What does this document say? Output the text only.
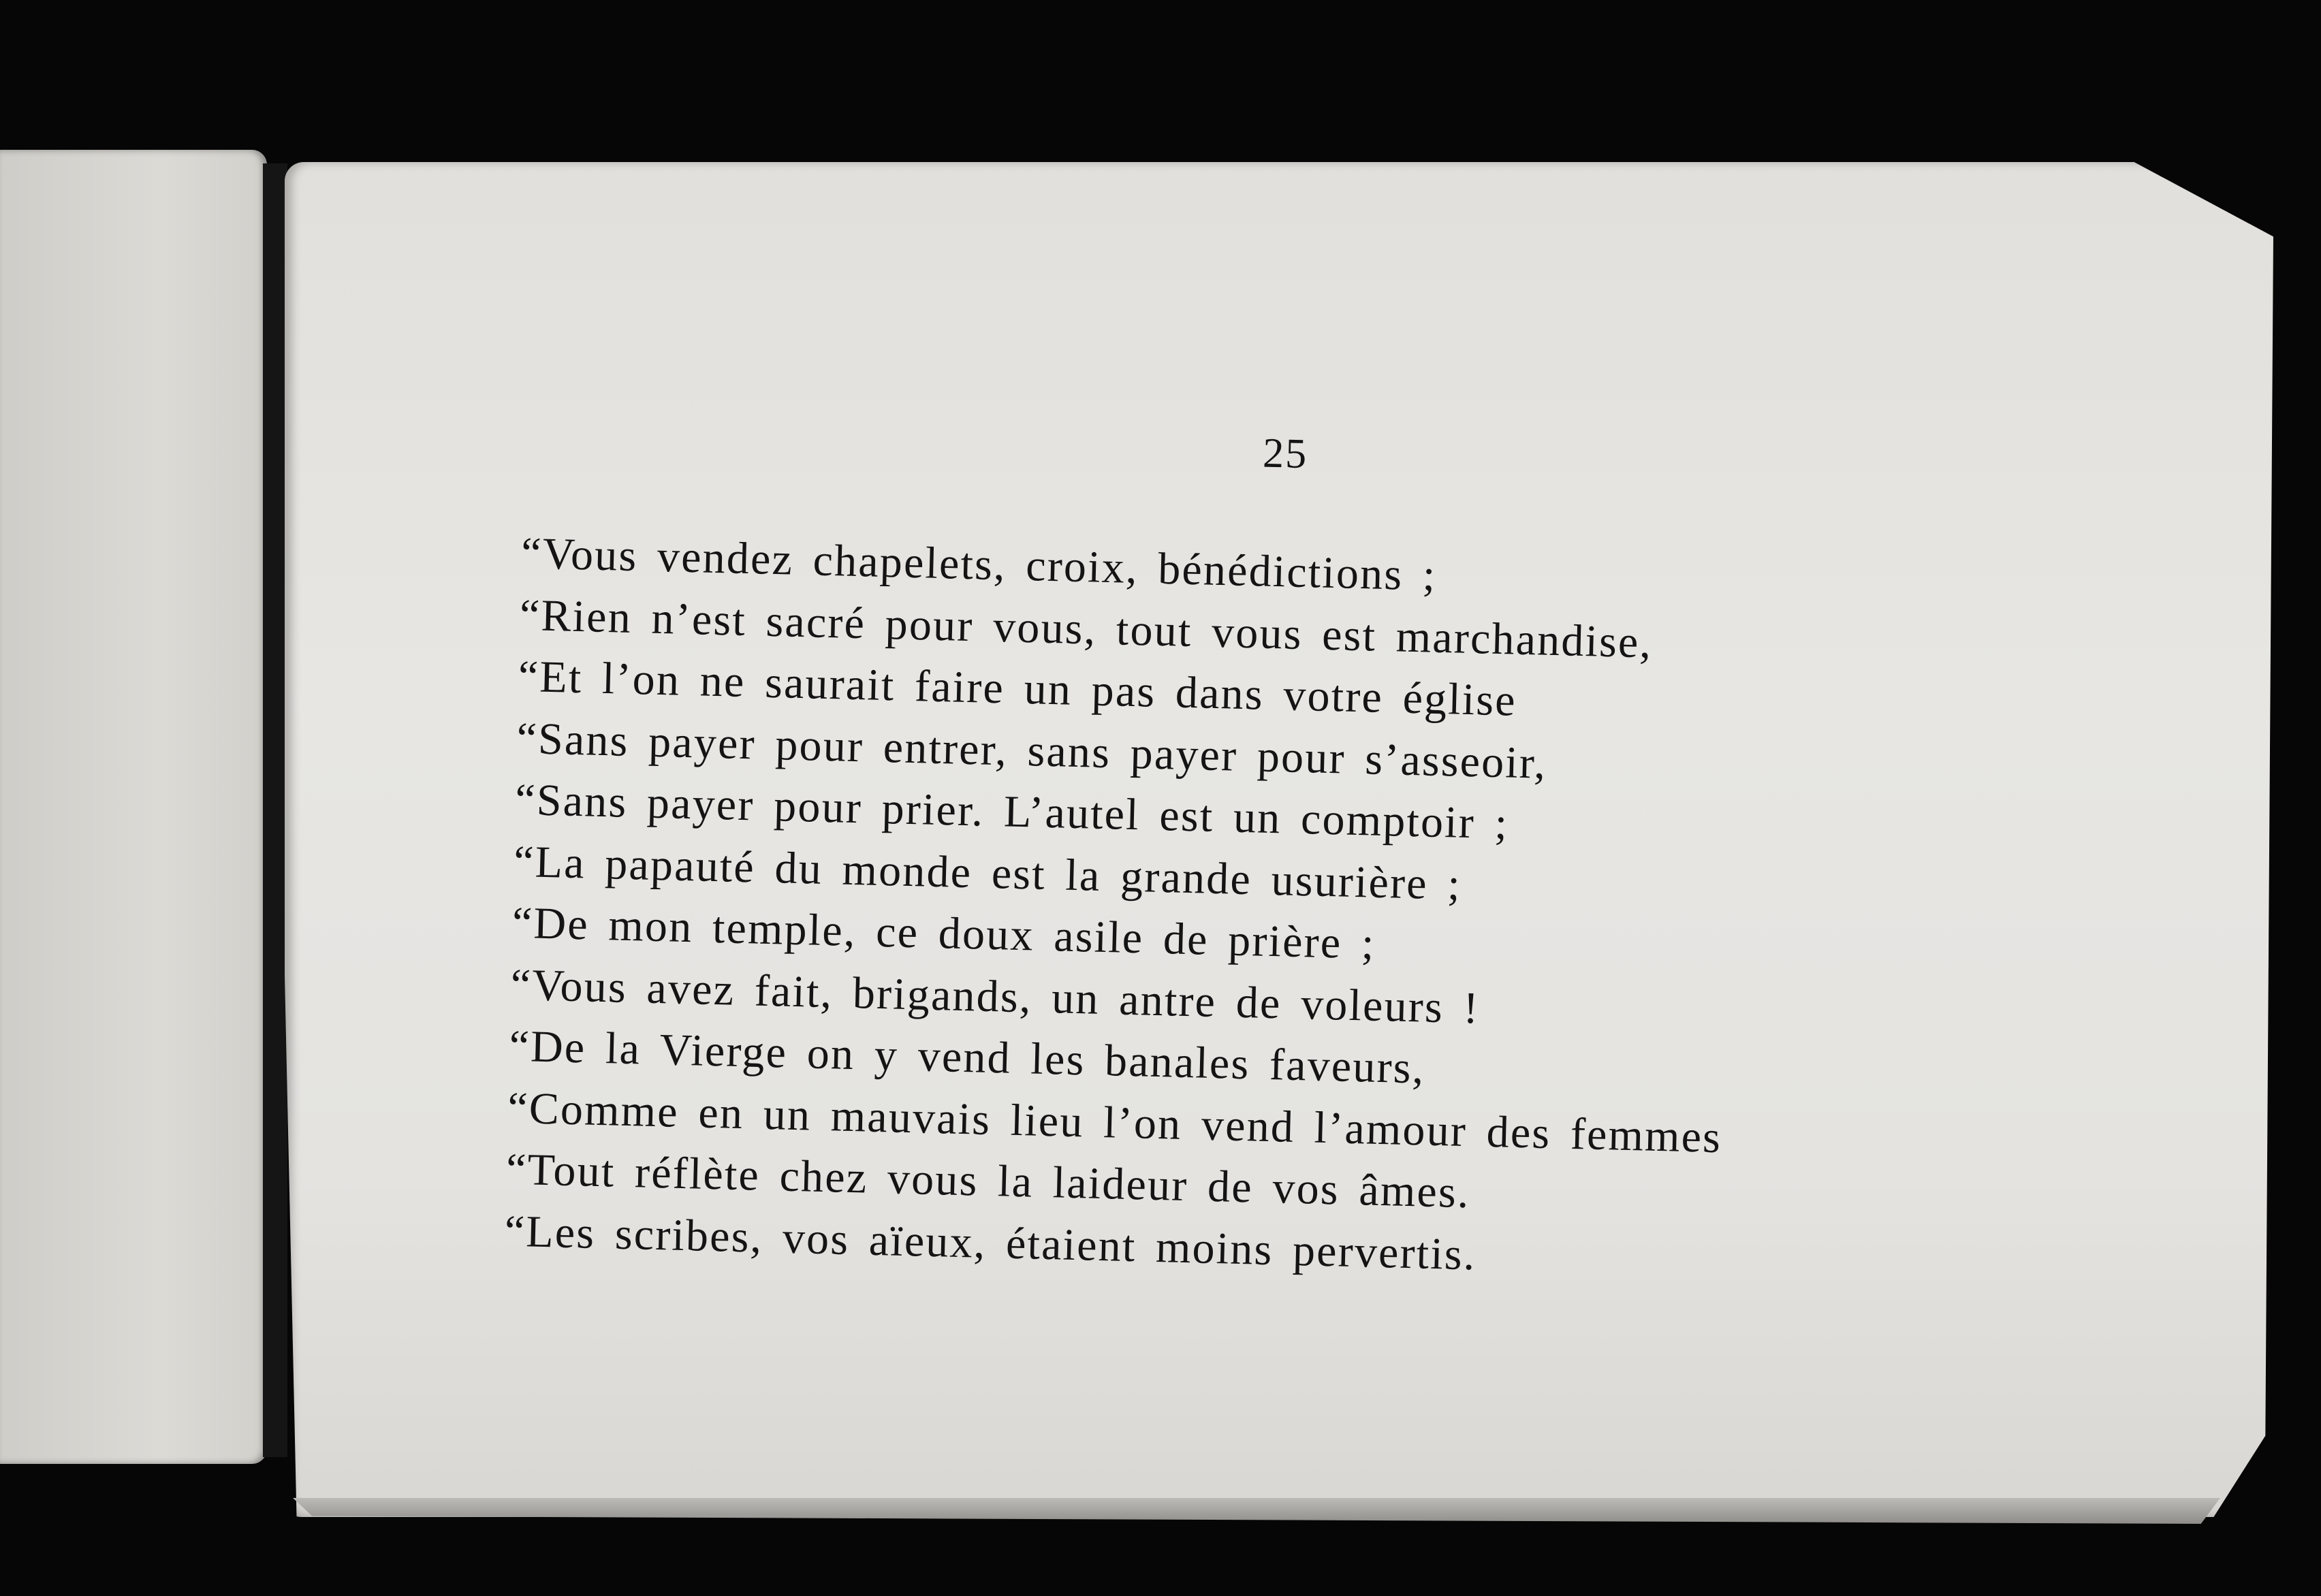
25

“Vous vendez chapelets, croix, bénédictions ;
“Rien n’est sacré pour vous, tout vous est marchandise,
“Et l’on ne saurait faire un pas dans votre église
“Sans payer pour entrer, sans payer pour s’asseoir,
“Sans payer pour prier. L’autel est un comptoir ;
“La papauté du monde est la grande usurière ;
“De mon temple, ce doux asile de prière ;
“Vous avez fait, brigands, un antre de voleurs !
“De la Vierge on y vend les banales faveurs,
“Comme en un mauvais lieu l’on vend l’amour des femmes
“Tout réflète chez vous la laideur de vos âmes.
“Les scribes, vos aïeux, étaient moins pervertis.
